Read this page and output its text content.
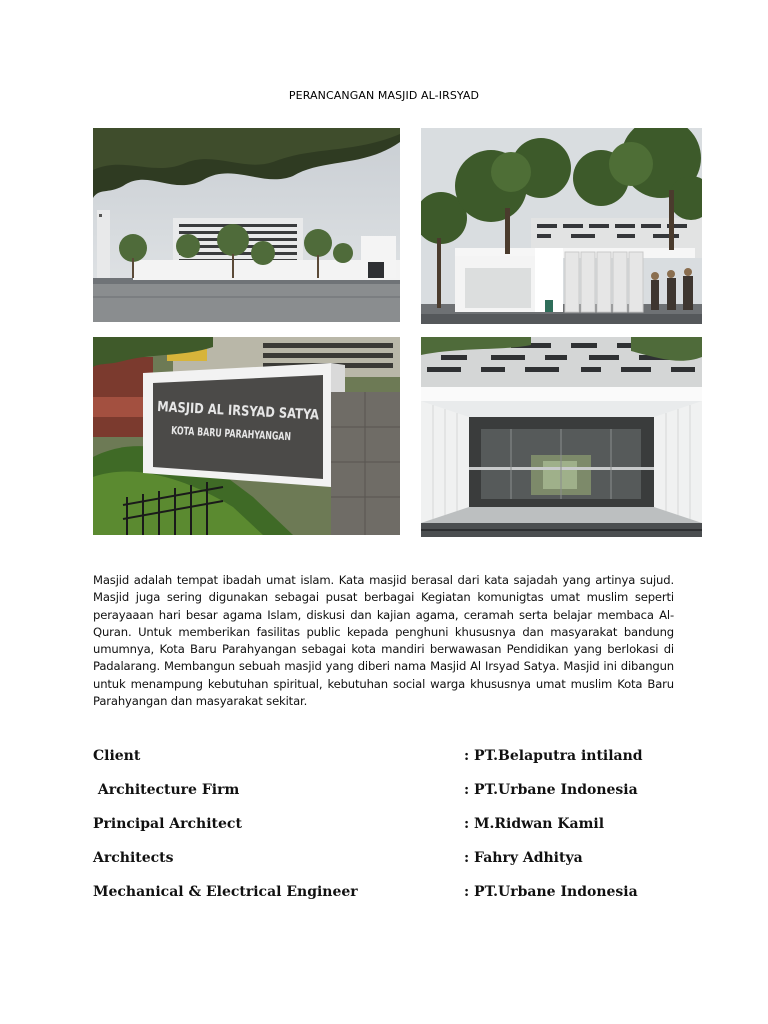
PERANCANGAN MASJID AL-IRSYAD
MASJID AL IRSYAD SATYA
KOTA BARU PARAHYANGAN

Masjid adalah tempat ibadah umat islam. Kata masjid berasal dari kata sajadah yang artinya sujud. Masjid juga sering digunakan sebagai pusat berbagai Kegiatan komunigtas umat muslim seperti perayaaan hari besar agama Islam, diskusi dan kajian agama, ceramah serta belajar membaca Al-Quran. Untuk memberikan fasilitas public kepada penghuni khususnya dan masyarakat bandung umumnya, Kota Baru Parahyangan sebagai kota mandiri berwawasan Pendidikan yang berlokasi di Padalarang. Membangun sebuah masjid yang diberi nama Masjid Al Irsyad Satya. Masjid ini dibangun untuk menampung kebutuhan spiritual, kebutuhan social warga khususnya umat muslim Kota Baru Parahyangan dan masyarakat sekitar.

Client	: PT.Belaputra intiland
Architecture Firm	: PT.Urbane Indonesia
Principal Architect	: M.Ridwan Kamil
Architects	: Fahry Adhitya
Mechanical & Electrical Engineer	: PT.Urbane Indonesia
